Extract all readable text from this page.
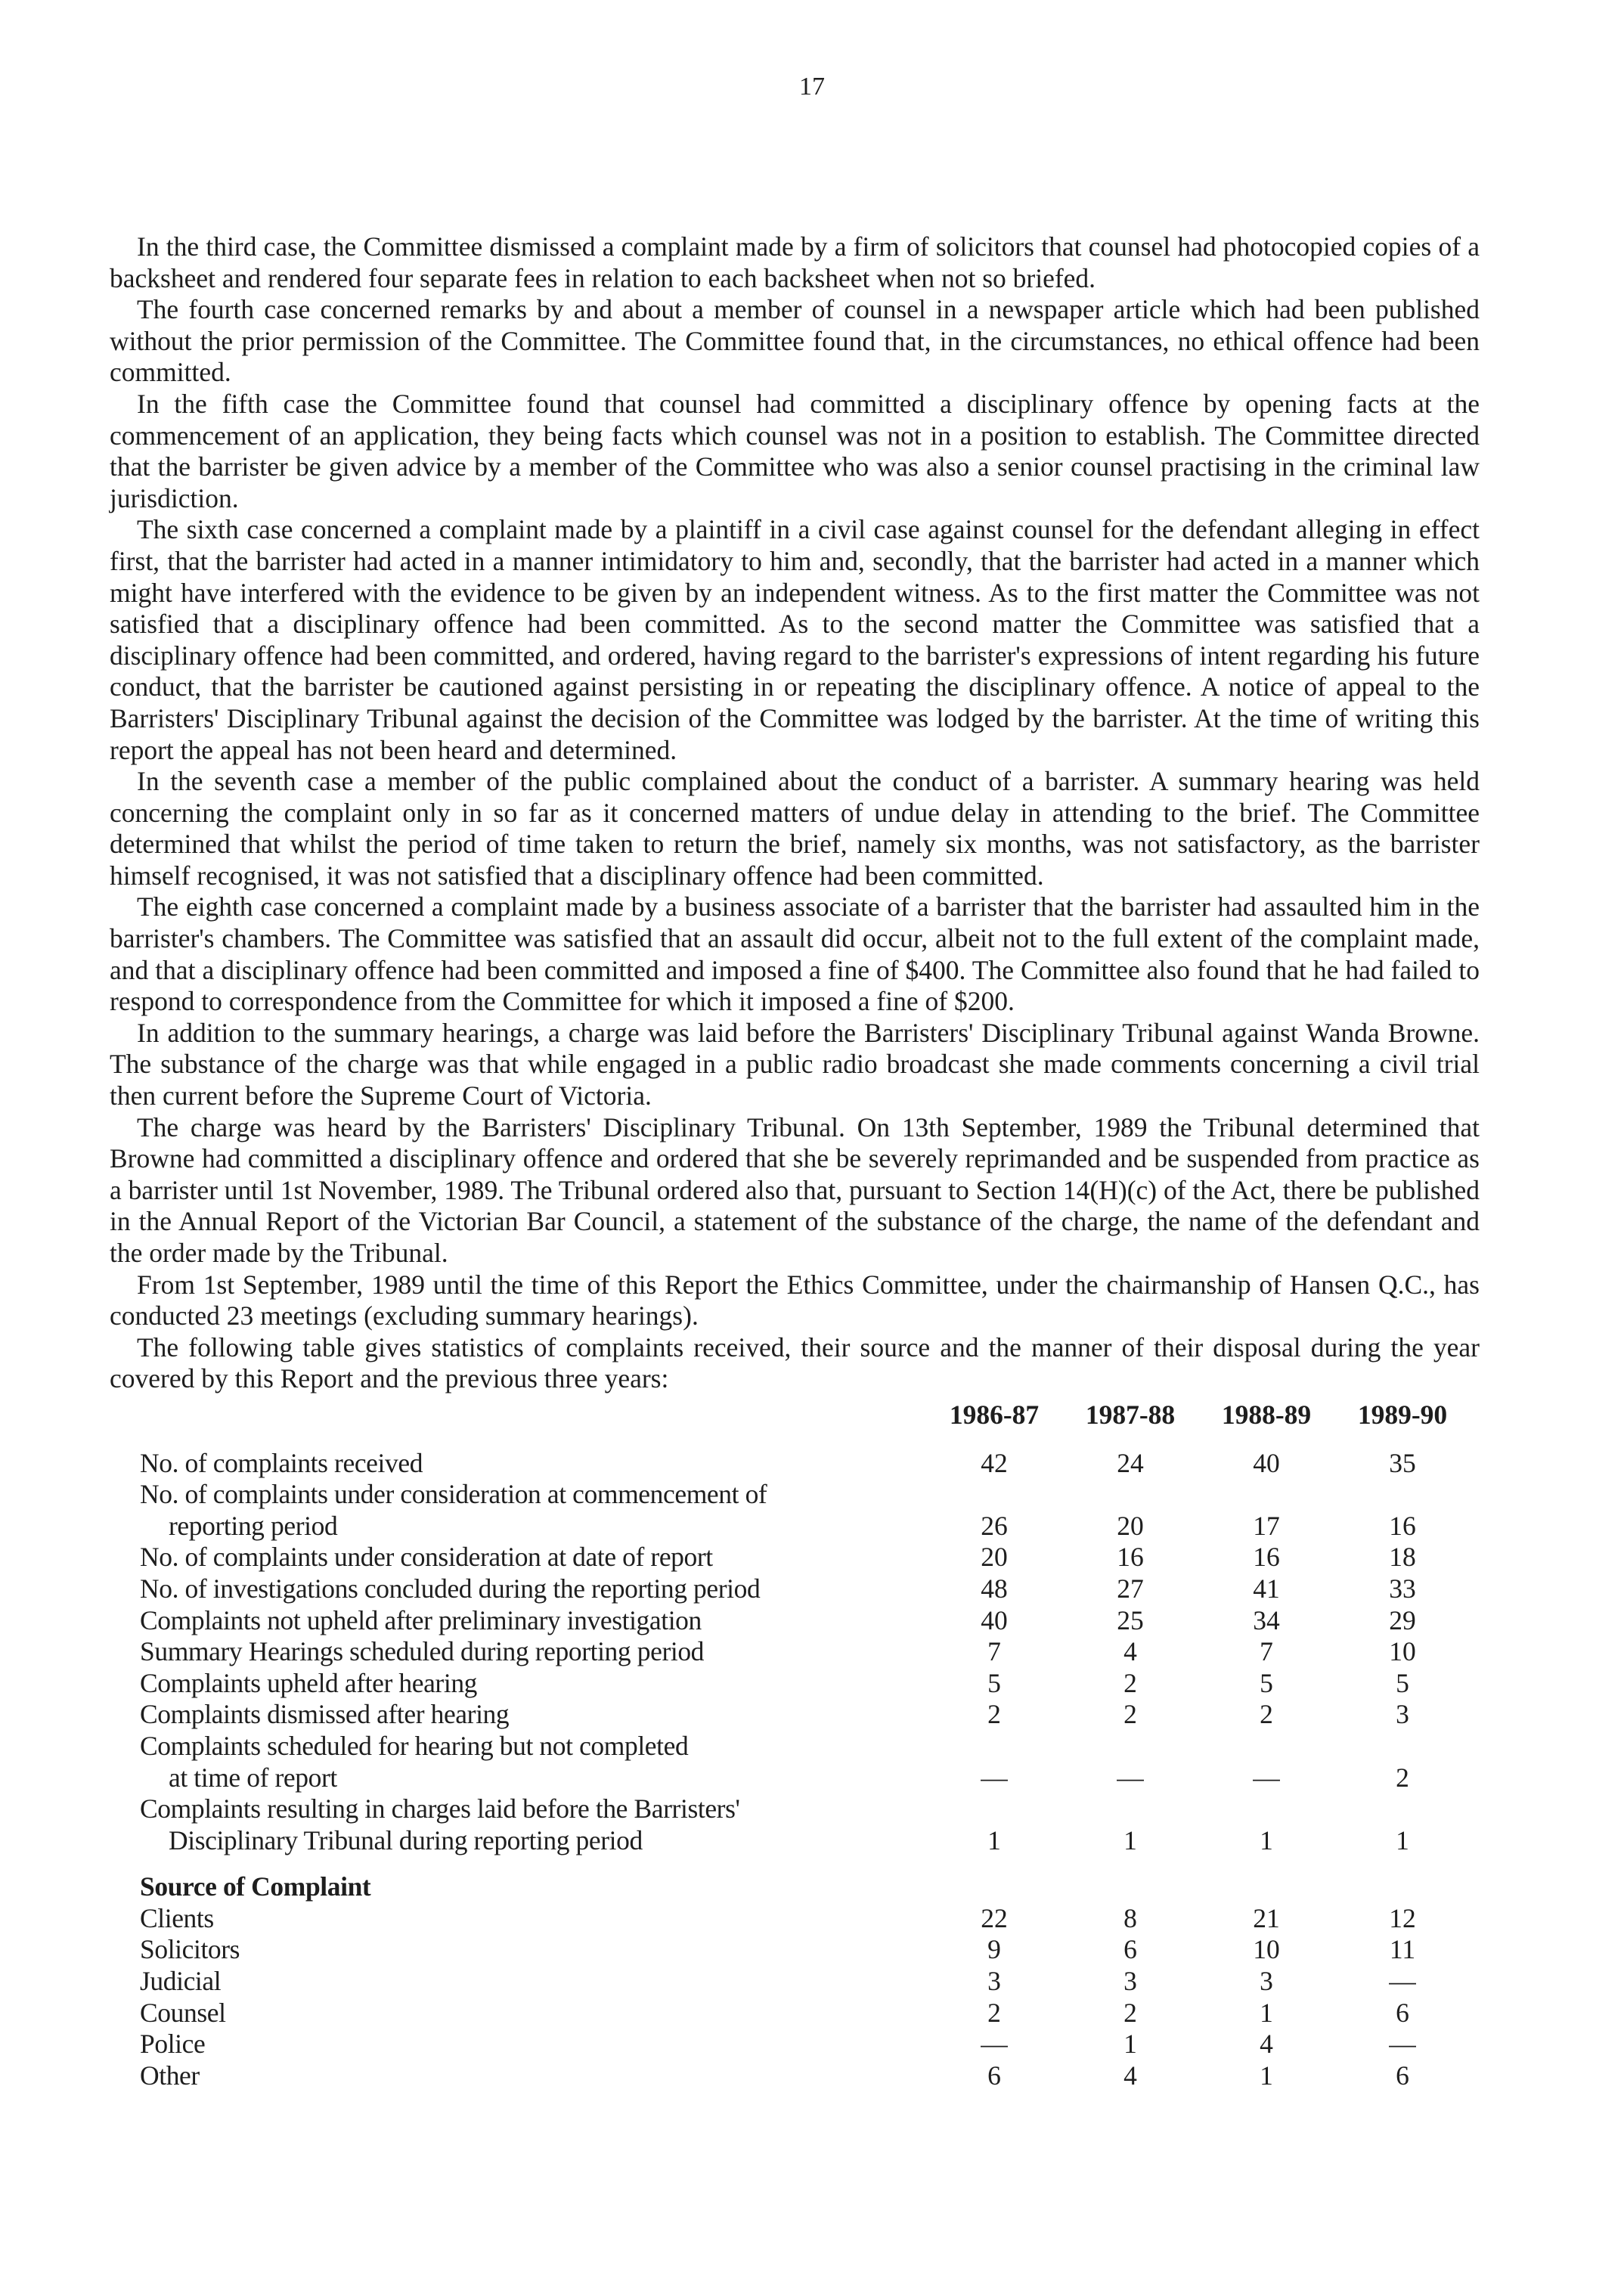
17

In the third case, the Committee dismissed a complaint made by a firm of solicitors that counsel had photocopied copies of a backsheet and rendered four separate fees in relation to each backsheet when not so briefed.

The fourth case concerned remarks by and about a member of counsel in a newspaper article which had been published without the prior permission of the Committee. The Committee found that, in the circumstances, no ethical offence had been committed.

In the fifth case the Committee found that counsel had committed a disciplinary offence by opening facts at the commencement of an application, they being facts which counsel was not in a position to establish. The Committee directed that the barrister be given advice by a member of the Committee who was also a senior counsel practising in the criminal law jurisdiction.

The sixth case concerned a complaint made by a plaintiff in a civil case against counsel for the defendant alleging in effect first, that the barrister had acted in a manner intimidatory to him and, secondly, that the barrister had acted in a manner which might have interfered with the evidence to be given by an independent witness. As to the first matter the Committee was not satisfied that a disciplinary offence had been committed. As to the second matter the Committee was satisfied that a disciplinary offence had been committed, and ordered, having regard to the barrister's expressions of intent regarding his future conduct, that the barrister be cautioned against persisting in or repeating the disciplinary offence. A notice of appeal to the Barristers' Disciplinary Tribunal against the decision of the Committee was lodged by the barrister. At the time of writing this report the appeal has not been heard and determined.

In the seventh case a member of the public complained about the conduct of a barrister. A summary hearing was held concerning the complaint only in so far as it concerned matters of undue delay in attending to the brief. The Committee determined that whilst the period of time taken to return the brief, namely six months, was not satisfactory, as the barrister himself recognised, it was not satisfied that a disciplinary offence had been committed.

The eighth case concerned a complaint made by a business associate of a barrister that the barrister had assaulted him in the barrister's chambers. The Committee was satisfied that an assault did occur, albeit not to the full extent of the complaint made, and that a disciplinary offence had been committed and imposed a fine of $400. The Committee also found that he had failed to respond to correspondence from the Committee for which it imposed a fine of $200.

In addition to the summary hearings, a charge was laid before the Barristers' Disciplinary Tribunal against Wanda Browne. The substance of the charge was that while engaged in a public radio broadcast she made comments concerning a civil trial then current before the Supreme Court of Victoria.

The charge was heard by the Barristers' Disciplinary Tribunal. On 13th September, 1989 the Tribunal determined that Browne had committed a disciplinary offence and ordered that she be severely reprimanded and be suspended from practice as a barrister until 1st November, 1989. The Tribunal ordered also that, pursuant to Section 14(H)(c) of the Act, there be published in the Annual Report of the Victorian Bar Council, a statement of the substance of the charge, the name of the defendant and the order made by the Tribunal.

From 1st September, 1989 until the time of this Report the Ethics Committee, under the chairmanship of Hansen Q.C., has conducted 23 meetings (excluding summary hearings).

The following table gives statistics of complaints received, their source and the manner of their disposal during the year covered by this Report and the previous three years:

1986-87	1987-88	1988-89	1989-90
No. of complaints received	42	24	40	35
No. of complaints under consideration at commencement of
reporting period	26	20	17	16
No. of complaints under consideration at date of report	20	16	16	18
No. of investigations concluded during the reporting period	48	27	41	33
Complaints not upheld after preliminary investigation	40	25	34	29
Summary Hearings scheduled during reporting period	7	4	7	10
Complaints upheld after hearing	5	2	5	5
Complaints dismissed after hearing	2	2	2	3
Complaints scheduled for hearing but not completed
at time of report	—	—	—	2
Complaints resulting in charges laid before the Barristers'
Disciplinary Tribunal during reporting period	1	1	1	1
Source of Complaint
Clients	22	8	21	12
Solicitors	9	6	10	11
Judicial	3	3	3	—
Counsel	2	2	1	6
Police	—	1	4	—
Other	6	4	1	6
